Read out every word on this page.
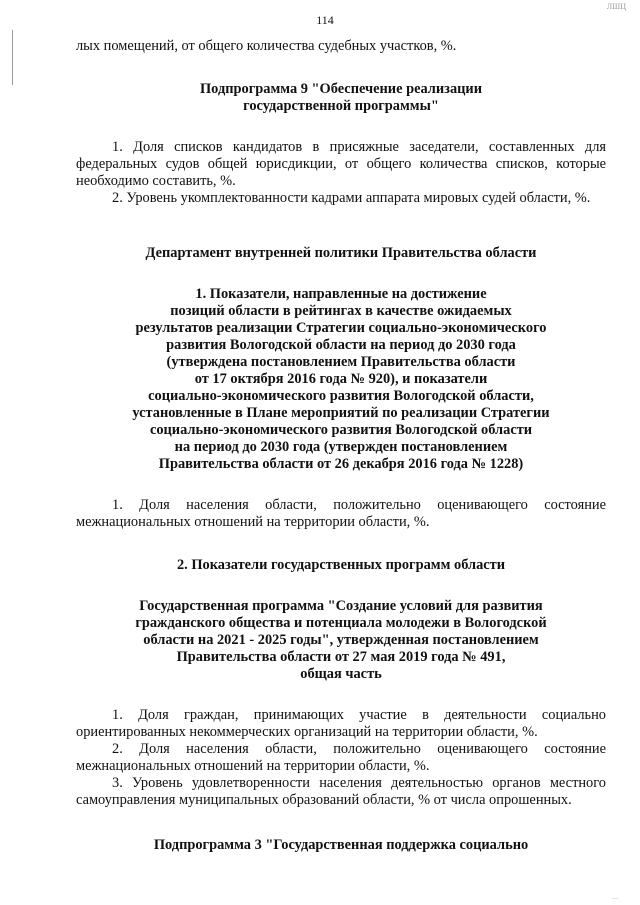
ЛШЦ
114

лых помещений, от общего количества судебных участков, %.

Подпрограмма 9 "Обеспечение реализации
государственной программы"

1. Доля списков кандидатов в присяжные заседатели, составленных для федеральных судов общей юрисдикции, от общего количества списков, которые необходимо составить, %.

2. Уровень укомплектованности кадрами аппарата мировых судей области, %.

Департамент внутренней политики Правительства области
1. Показатели, направленные на достижение
позиций области в рейтингах в качестве ожидаемых
результатов реализации Стратегии социально-экономического
развития Вологодской области на период до 2030 года
(утверждена постановлением Правительства области
от 17 октября 2016 года № 920), и показатели
социально-экономического развития Вологодской области,
установленные в Плане мероприятий по реализации Стратегии
социально-экономического развития Вологодской области
на период до 2030 года (утвержден постановлением
Правительства области от 26 декабря 2016 года № 1228)

1. Доля населения области, положительно оценивающего состояние межнациональных отношений на территории области, %.

2. Показатели государственных программ области
Государственная программа "Создание условий для развития
гражданского общества и потенциала молодежи в Вологодской
области на 2021 - 2025 годы", утвержденная постановлением
Правительства области от 27 мая 2019 года № 491,
общая часть

1. Доля граждан, принимающих участие в деятельности социально ориентированных некоммерческих организаций на территории области, %.

2. Доля населения области, положительно оценивающего состояние межнациональных отношений на территории области, %.

3. Уровень удовлетворенности населения деятельностью органов местного самоуправления муниципальных образований области, % от числа опрошенных.

Подпрограмма 3 "Государственная поддержка социально
...
